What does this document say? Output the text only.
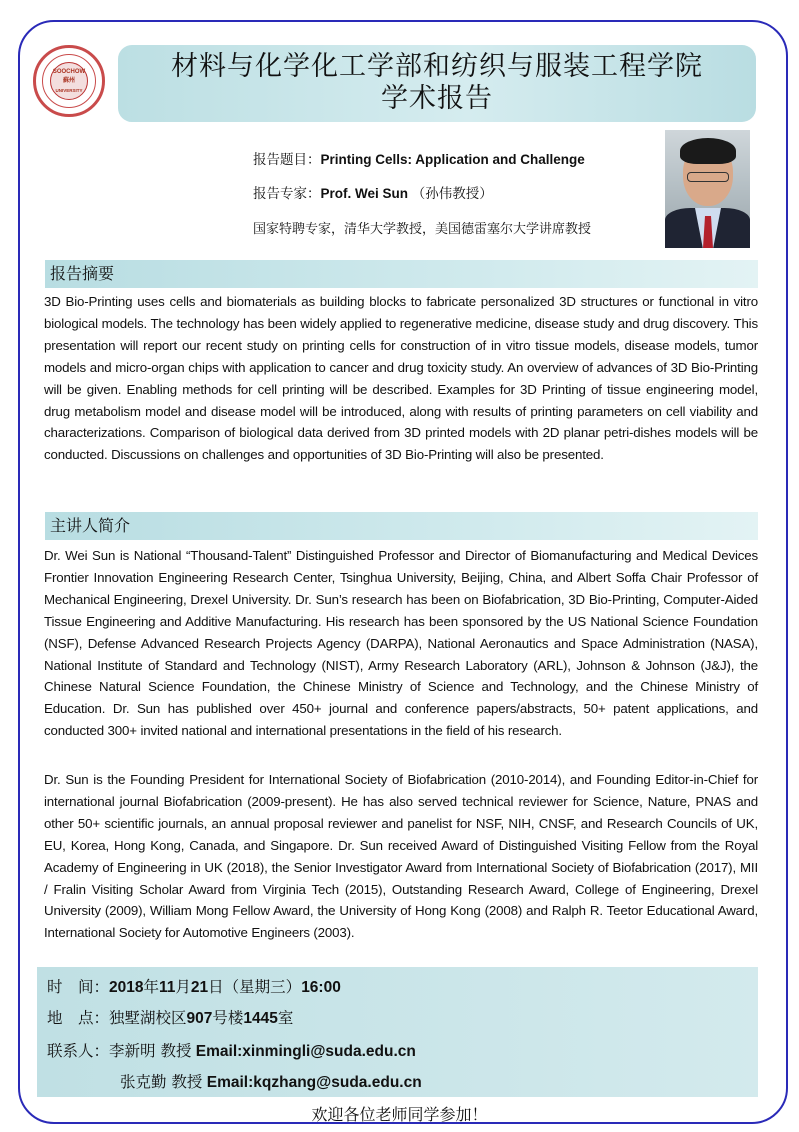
SOOCHOW
蘇州
UNIVERSITY
材料与化学化工学部和纺织与服装工程学院
学术报告
报告题目：Printing Cells: Application and Challenge
报告专家：Prof. Wei Sun （孙伟教授）
国家特聘专家，清华大学教授，美国德雷塞尔大学讲席教授
报告摘要
3D Bio-Printing uses cells and biomaterials as building blocks to fabricate personalized 3D structures or functional in vitro biological models. The technology has been widely applied to regenerative medicine, disease study and drug discovery. This presentation will report our recent study on printing cells for construction of in vitro tissue models, disease models, tumor models and micro-organ chips with application to cancer and drug toxicity study. An overview of advances of 3D Bio-Printing will be given. Enabling methods for cell printing will be described. Examples for 3D Printing of tissue engineering model, drug metabolism model and disease model will be introduced, along with results of printing parameters on cell viability and characterizations. Comparison of biological data derived from 3D printed models with 2D planar petri-dishes models will be conducted. Discussions on challenges and opportunities of 3D Bio-Printing will also be presented.
主讲人简介
Dr. Wei Sun is National “Thousand-Talent” Distinguished Professor and Director of Biomanufacturing and Medical Devices Frontier Innovation Engineering Research Center, Tsinghua University, Beijing, China, and Albert Soffa Chair Professor of Mechanical Engineering, Drexel University. Dr. Sun’s research has been on Biofabrication, 3D Bio-Printing, Computer-Aided Tissue Engineering and Additive Manufacturing. His research has been sponsored by the US National Science Foundation (NSF), Defense Advanced Research Projects Agency (DARPA), National Aeronautics and Space Administration (NASA), National Institute of Standard and Technology (NIST), Army Research Laboratory (ARL), Johnson & Johnson (J&J), the Chinese Natural Science Foundation, the Chinese Ministry of Science and Technology, and the Chinese Ministry of Education. Dr. Sun has published over 450+ journal and conference papers/abstracts, 50+ patent applications, and conducted 300+ invited national and international presentations in the field of his research.
Dr. Sun is the Founding President for International Society of Biofabrication (2010-2014), and Founding Editor-in-Chief for international journal Biofabrication (2009-present). He has also served technical reviewer for Science, Nature, PNAS and other 50+ scientific journals, an annual proposal reviewer and panelist for NSF, NIH, CNSF, and Research Councils of UK, EU, Korea, Hong Kong, Canada, and Singapore. Dr. Sun received Award of Distinguished Visiting Fellow from the Royal Academy of Engineering in UK (2018), the Senior Investigator Award from International Society of Biofabrication (2017), MII / Fralin Visiting Scholar Award from Virginia Tech (2015), Outstanding Research Award, College of Engineering, Drexel University (2009), William Mong Fellow Award, the University of Hong Kong (2008) and Ralph R. Teetor Educational Award, International Society for Automotive Engineers (2003).
时　间：2018年11月21日（星期三）16:00
地　点：独墅湖校区907号楼1445室
联系人：李新明 教授 Email:xinmingli@suda.edu.cn
张克勤 教授 Email:kqzhang@suda.edu.cn
欢迎各位老师同学参加！
